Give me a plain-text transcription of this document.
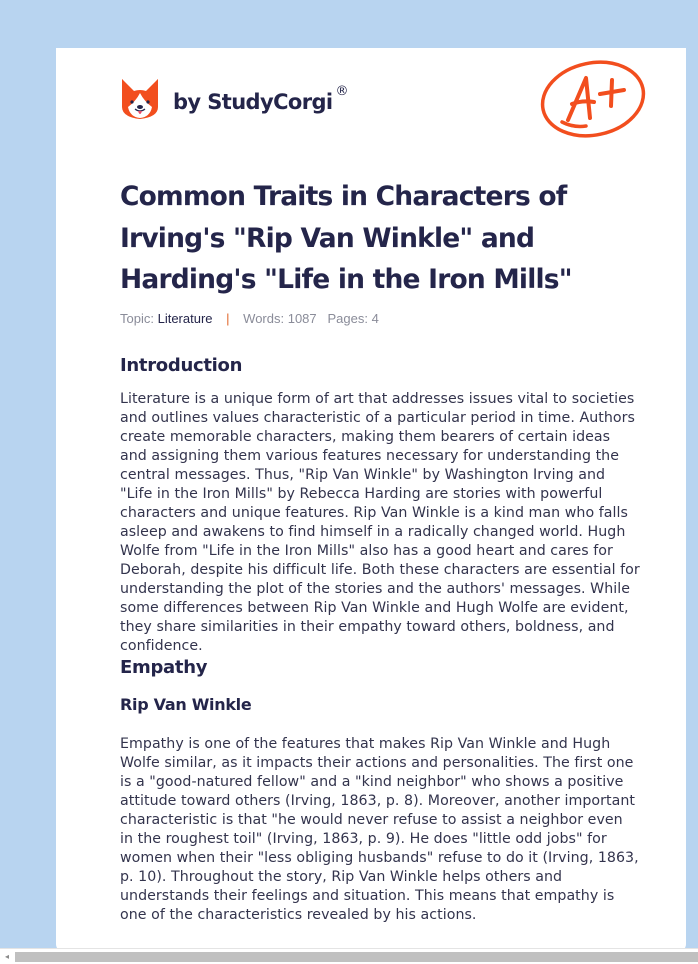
by StudyCorgi ®
Common Traits in Characters of Irving's "Rip Van Winkle" and Harding's "Life in the Iron Mills"
Topic: Literature | Words: 1087 Pages: 4
Introduction

Literature is a unique form of art that addresses issues vital to societies and outlines values characteristic of a particular period in time. Authors create memorable characters, making them bearers of certain ideas and assigning them various features necessary for understanding the central messages. Thus, "Rip Van Winkle" by Washington Irving and "Life in the Iron Mills" by Rebecca Harding are stories with powerful characters and unique features. Rip Van Winkle is a kind man who falls asleep and awakens to find himself in a radically changed world. Hugh Wolfe from "Life in the Iron Mills" also has a good heart and cares for Deborah, despite his difficult life. Both these characters are essential for understanding the plot of the stories and the authors' messages. While some differences between Rip Van Winkle and Hugh Wolfe are evident, they share similarities in their empathy toward others, boldness, and confidence.

Empathy
Rip Van Winkle

Empathy is one of the features that makes Rip Van Winkle and Hugh Wolfe similar, as it impacts their actions and personalities. The first one is a "good-natured fellow" and a "kind neighbor" who shows a positive attitude toward others (Irving, 1863, p. 8). Moreover, another important characteristic is that "he would never refuse to assist a neighbor even in the roughest toil" (Irving, 1863, p. 9). He does "little odd jobs" for women when their "less obliging husbands" refuse to do it (Irving, 1863, p. 10). Throughout the story, Rip Van Winkle helps others and understands their feelings and situation. This means that empathy is one of the characteristics revealed by his actions.

◂
